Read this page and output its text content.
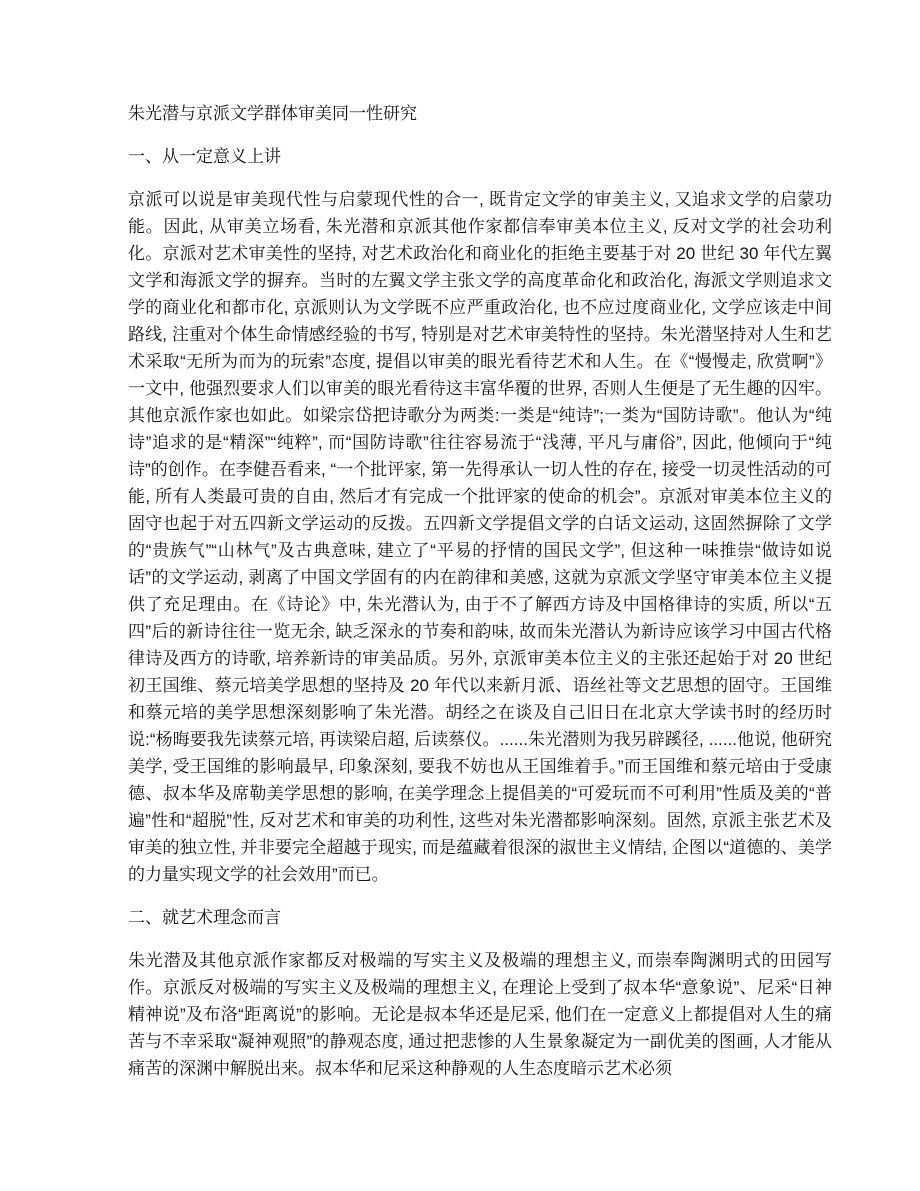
朱光潜与京派文学群体审美同一性研究
一、从一定意义上讲

京派可以说是审美现代性与启蒙现代性的合一, 既肯定文学的审美主义, 又追求文学的启蒙功能。因此, 从审美立场看, 朱光潜和京派其他作家都信奉审美本位主义, 反对文学的社会功利化。京派对艺术审美性的坚持, 对艺术政治化和商业化的拒绝主要基于对 20 世纪 30 年代左翼文学和海派文学的摒弃。当时的左翼文学主张文学的高度革命化和政治化, 海派文学则追求文学的商业化和都市化, 京派则认为文学既不应严重政治化, 也不应过度商业化, 文学应该走中间路线, 注重对个体生命情感经验的书写, 特别是对艺术审美特性的坚持。朱光潜坚持对人生和艺术采取“无所为而为的玩索”态度, 提倡以审美的眼光看待艺术和人生。在《“慢慢走, 欣赏啊”》一文中, 他强烈要求人们以审美的眼光看待这丰富华覆的世界, 否则人生便是了无生趣的囚牢。其他京派作家也如此。如梁宗岱把诗歌分为两类:一类是“纯诗”;一类为“国防诗歌”。他认为“纯诗”追求的是“精深”“纯粹”, 而“国防诗歌”往往容易流于“浅薄, 平凡与庸俗”, 因此, 他倾向于“纯诗”的创作。在李健吾看来, “一个批评家, 第一先得承认一切人性的存在, 接受一切灵性活动的可能, 所有人类最可贵的自由, 然后才有完成一个批评家的使命的机会”。京派对审美本位主义的固守也起于对五四新文学运动的反拨。五四新文学提倡文学的白话文运动, 这固然摒除了文学的“贵族气”“山林气”及古典意味, 建立了“平易的抒情的国民文学”, 但这种一味推崇“做诗如说话”的文学运动, 剥离了中国文学固有的内在韵律和美感, 这就为京派文学坚守审美本位主义提供了充足理由。在《诗论》中, 朱光潜认为, 由于不了解西方诗及中国格律诗的实质, 所以“五四”后的新诗往往一览无余, 缺乏深永的节奏和韵味, 故而朱光潜认为新诗应该学习中国古代格律诗及西方的诗歌, 培养新诗的审美品质。另外, 京派审美本位主义的主张还起始于对 20 世纪初王国维、蔡元培美学思想的坚持及 20 年代以来新月派、语丝社等文艺思想的固守。王国维和蔡元培的美学思想深刻影响了朱光潜。胡经之在谈及自己旧日在北京大学读书时的经历时说:“杨晦要我先读蔡元培, 再读梁启超, 后读蔡仪。......朱光潜则为我另辟蹊径, ......他说, 他研究美学, 受王国维的影响最早, 印象深刻, 要我不妨也从王国维着手。”而王国维和蔡元培由于受康德、叔本华及席勒美学思想的影响, 在美学理念上提倡美的“可爱玩而不可利用”性质及美的“普遍”性和“超脱”性, 反对艺术和审美的功利性, 这些对朱光潜都影响深刻。固然, 京派主张艺术及审美的独立性, 并非要完全超越于现实, 而是蕴藏着很深的淑世主义情结, 企图以“道德的、美学的力量实现文学的社会效用”而已。

二、就艺术理念而言

朱光潜及其他京派作家都反对极端的写实主义及极端的理想主义, 而崇奉陶渊明式的田园写作。京派反对极端的写实主义及极端的理想主义, 在理论上受到了叔本华“意象说”、尼采“日神精神说”及布洛“距离说”的影响。无论是叔本华还是尼采, 他们在一定意义上都提倡对人生的痛苦与不幸采取“凝神观照”的静观态度, 通过把悲惨的人生景象凝定为一副优美的图画, 人才能从痛苦的深渊中解脱出来。叔本华和尼采这种静观的人生态度暗示艺术必须
